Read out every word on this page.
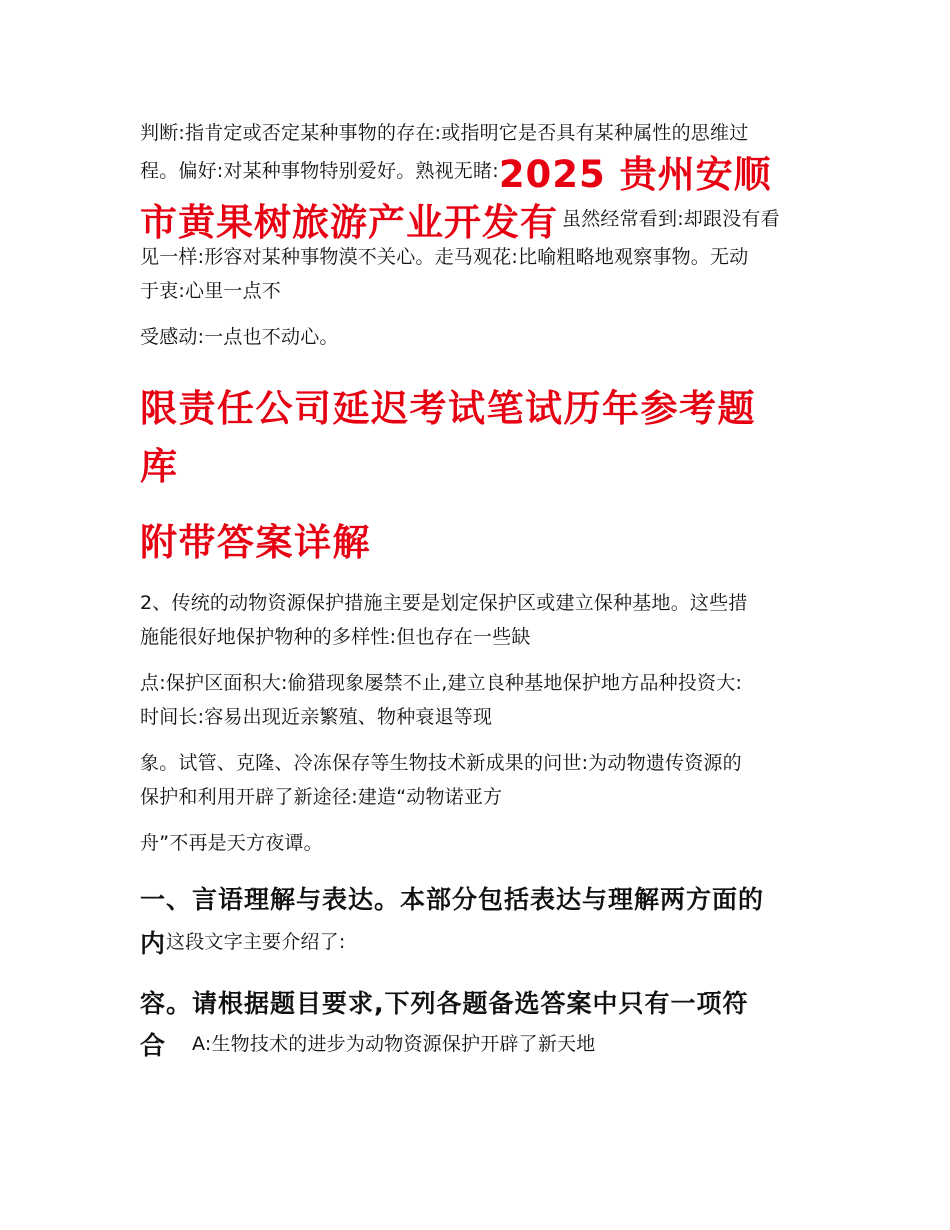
判断:指肯定或否定某种事物的存在:或指明它是否具有某种属性的思维过
程。偏好:对某种事物特别爱好。熟视无睹: 2025 贵州安顺
市黄果树旅游产业开发有 虽然经常看到:却跟没有看
见一样:形容对某种事物漠不关心。走马观花:比喻粗略地观察事物。无动
于衷:心里一点不
受感动:一点也不动心。
限责任公司延迟考试笔试历年参考题
库
附带答案详解
2、传统的动物资源保护措施主要是划定保护区或建立保种基地。这些措
施能很好地保护物种的多样性:但也存在一些缺
点:保护区面积大:偷猎现象屡禁不止,建立良种基地保护地方品种投资大:
时间长:容易出现近亲繁殖、物种衰退等现
象。试管、克隆、冷冻保存等生物技术新成果的问世:为动物遗传资源的
保护和利用开辟了新途径:建造“动物诺亚方
舟”不再是天方夜谭。
一、言语理解与表达。本部分包括表达与理解两方面的
内 这段文字主要介绍了:
容。请根据题目要求,下列各题备选答案中只有一项符
合 A:生物技术的进步为动物资源保护开辟了新天地
